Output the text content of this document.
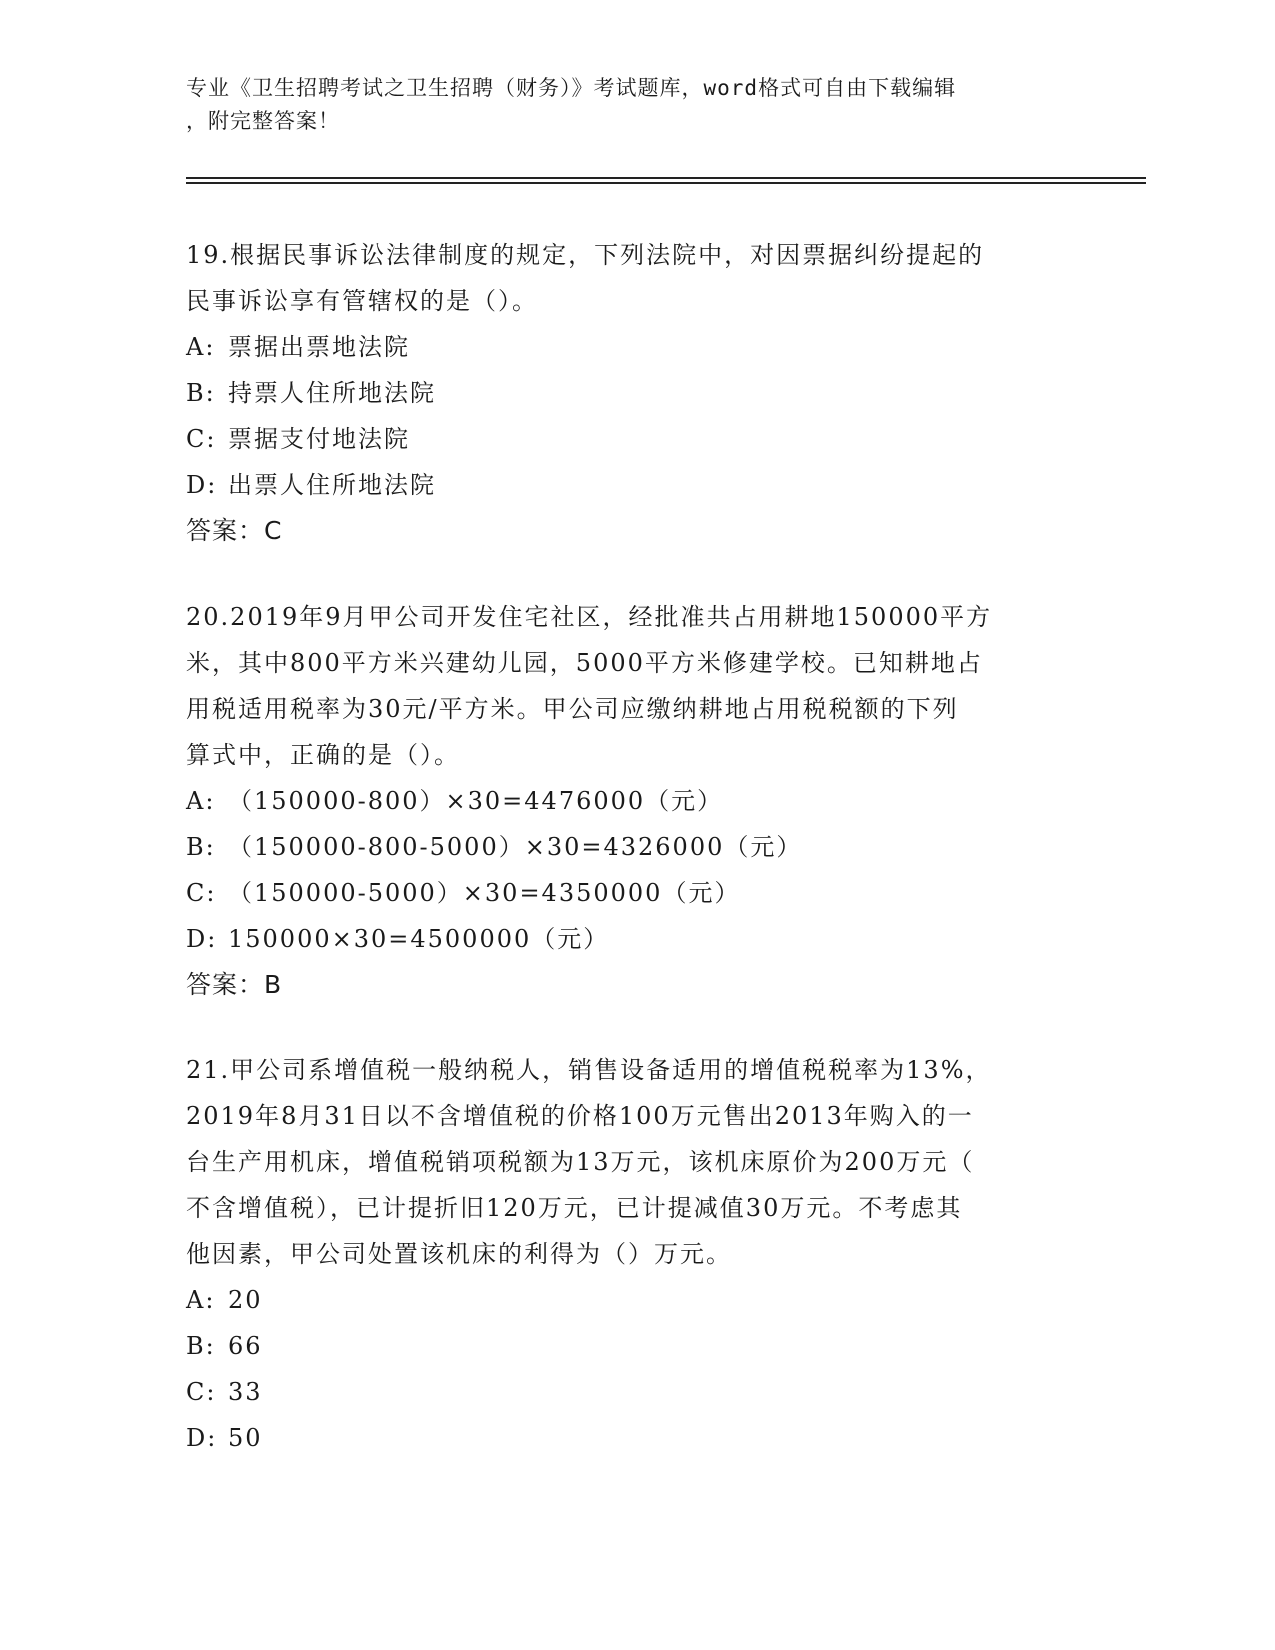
专业《卫生招聘考试之卫生招聘（财务）》考试题库，word格式可自由下载编辑
，附完整答案！
19.根据民事诉讼法律制度的规定，下列法院中，对因票据纠纷提起的
民事诉讼享有管辖权的是（）。
A: 票据出票地法院
B: 持票人住所地法院
C: 票据支付地法院
D: 出票人住所地法院
答案：C
20.2019年9月甲公司开发住宅社区，经批准共占用耕地150000平方
米，其中800平方米兴建幼儿园，5000平方米修建学校。已知耕地占
用税适用税率为30元/平方米。甲公司应缴纳耕地占用税税额的下列
算式中，正确的是（）。
A: （150000-800）×30=4476000（元）
B: （150000-800-5000）×30=4326000（元）
C: （150000-5000）×30=4350000（元）
D: 150000×30=4500000（元）
答案：B
21.甲公司系增值税一般纳税人，销售设备适用的增值税税率为13%，
2019年8月31日以不含增值税的价格100万元售出2013年购入的一
台生产用机床，增值税销项税额为13万元，该机床原价为200万元（
不含增值税），已计提折旧120万元，已计提减值30万元。不考虑其
他因素，甲公司处置该机床的利得为（）万元。
A: 20
B: 66
C: 33
D: 50
